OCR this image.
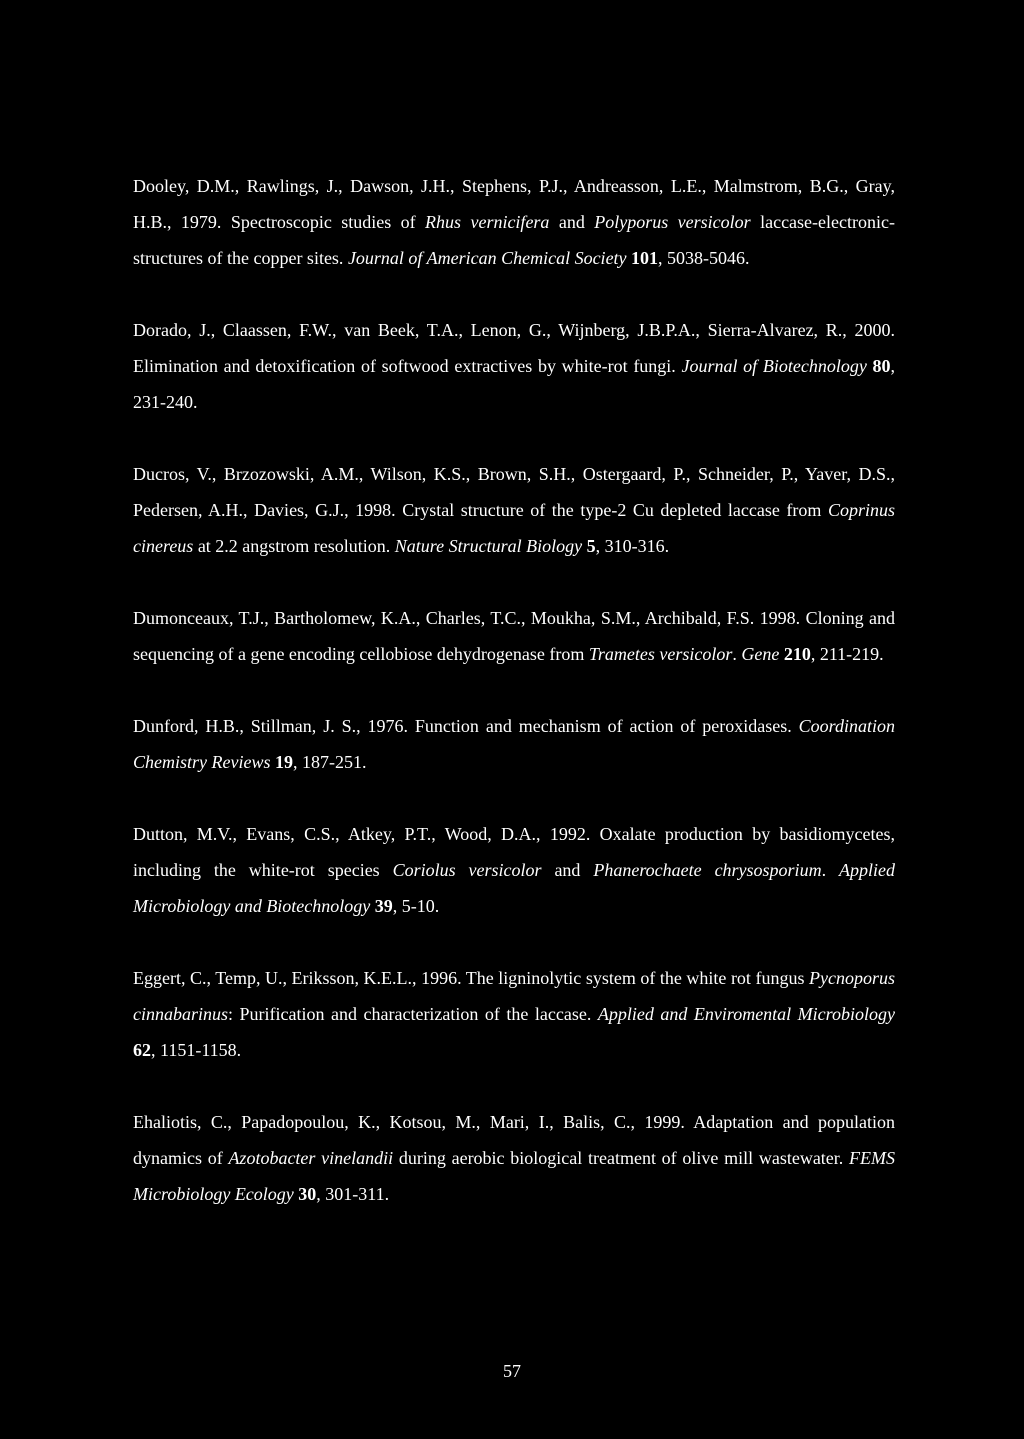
Dooley, D.M., Rawlings, J., Dawson, J.H., Stephens, P.J., Andreasson, L.E., Malmstrom, B.G., Gray, H.B., 1979. Spectroscopic studies of Rhus vernicifera and Polyporus versicolor laccase-electronic-structures of the copper sites. Journal of American Chemical Society 101, 5038-5046.

Dorado, J., Claassen, F.W., van Beek, T.A., Lenon, G., Wijnberg, J.B.P.A., Sierra-Alvarez, R., 2000. Elimination and detoxification of softwood extractives by white-rot fungi. Journal of Biotechnology 80, 231-240.

Ducros, V., Brzozowski, A.M., Wilson, K.S., Brown, S.H., Ostergaard, P., Schneider, P., Yaver, D.S., Pedersen, A.H., Davies, G.J., 1998. Crystal structure of the type-2 Cu depleted laccase from Coprinus cinereus at 2.2 angstrom resolution. Nature Structural Biology 5, 310-316.

Dumonceaux, T.J., Bartholomew, K.A., Charles, T.C., Moukha, S.M., Archibald, F.S. 1998. Cloning and sequencing of a gene encoding cellobiose dehydrogenase from Trametes versicolor. Gene 210, 211-219.

Dunford, H.B., Stillman, J. S., 1976. Function and mechanism of action of peroxidases. Coordination Chemistry Reviews 19, 187-251.

Dutton, M.V., Evans, C.S., Atkey, P.T., Wood, D.A., 1992. Oxalate production by basidiomycetes, including the white-rot species Coriolus versicolor and Phanerochaete chrysosporium. Applied Microbiology and Biotechnology 39, 5-10.

Eggert, C., Temp, U., Eriksson, K.E.L., 1996. The ligninolytic system of the white rot fungus Pycnoporus cinnabarinus: Purification and characterization of the laccase. Applied and Enviromental Microbiology 62, 1151-1158.

Ehaliotis, C., Papadopoulou, K., Kotsou, M., Mari, I., Balis, C., 1999. Adaptation and population dynamics of Azotobacter vinelandii during aerobic biological treatment of olive mill wastewater. FEMS Microbiology Ecology 30, 301-311.

57
